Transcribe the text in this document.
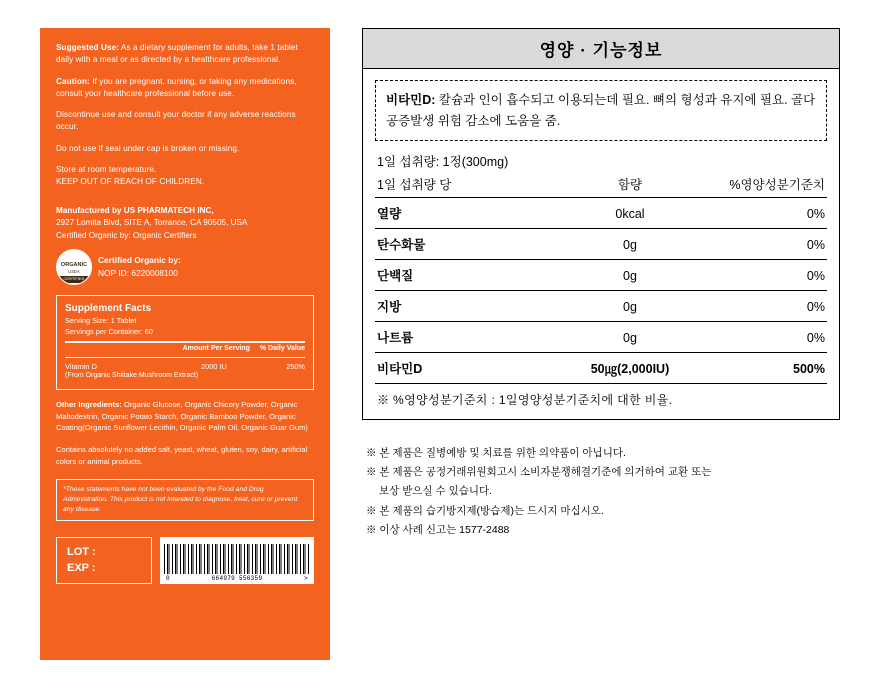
Suggested Use: As a dietary supplement for adults, take 1 tablet daily with a meal or as directed by a healthcare professional.
Caution: If you are pregnant, nursing, or taking any medications, consult your healthcare professional before use.
Discontinue use and consult your doctor if any adverse reactions occur.
Do not use if seal under cap is broken or missing.
Store at room temperature.
KEEP OUT OF REACH OF CHILDREN.
Manufactured by US PHARMATECH INC,
2927 Lomita Blvd, SITE A, Torrance, CA 90505, USA
Certified Organic by: Organic Certifiers
ORGANIC
USDA
CERTIFIED
Certified Organic by:
NOP ID: 6220008100
Supplement Facts
Serving Size: 1 Tablet
Servings per Container: 60
Amount Per Serving % Daily Value
Vitamin D	2000 IU	250%
(From Organic Shiitake Mushroom Extract)
Other Ingredients: Organic Glucose, Organic Chicory Powder, Organic Maltodextrin, Organic Potato Starch, Organic Bamboo Powder, Organic Coating(Organic Sunflower Lecithin, Organic Palm Oil, Organic Guar Gum)
Contains absolutely no added salt, yeast, wheat, gluten, soy, dairy, artificial colors or animal products.
*These statements have not been evaluated by the Food and Drug Administration. This product is not intended to diagnose, treat, cure or prevent any disease.
LOT :
EXP :
0	664979 556359	>
영양 · 기능정보
비타민D: 칼슘과 인이 흡수되고 이용되는데 필요. 뼈의 형성과 유지에 필요. 골다공증발생 위험 감소에 도움을 줌.
1일 섭취량: 1정(300mg)
1일 섭취량 당	함량	%영양성분기준치
열량	0kcal	0%
탄수화물	0g	0%
단백질	0g	0%
지방	0g	0%
나트륨	0g	0%
비타민D	50㎍(2,000IU)	500%
※ %영양성분기준치 : 1일영양성분기준치에 대한 비율.
※ 본 제품은 질병예방 및 치료를 위한 의약품이 아닙니다.
※ 본 제품은 공정거래위원회고시 소비자분쟁해결기준에 의거하여 교환 또는
보상 받으실 수 있습니다.
※ 본 제품의 습기방지제(방습제)는 드시지 마십시오.
※ 이상 사례 신고는 1577-2488
